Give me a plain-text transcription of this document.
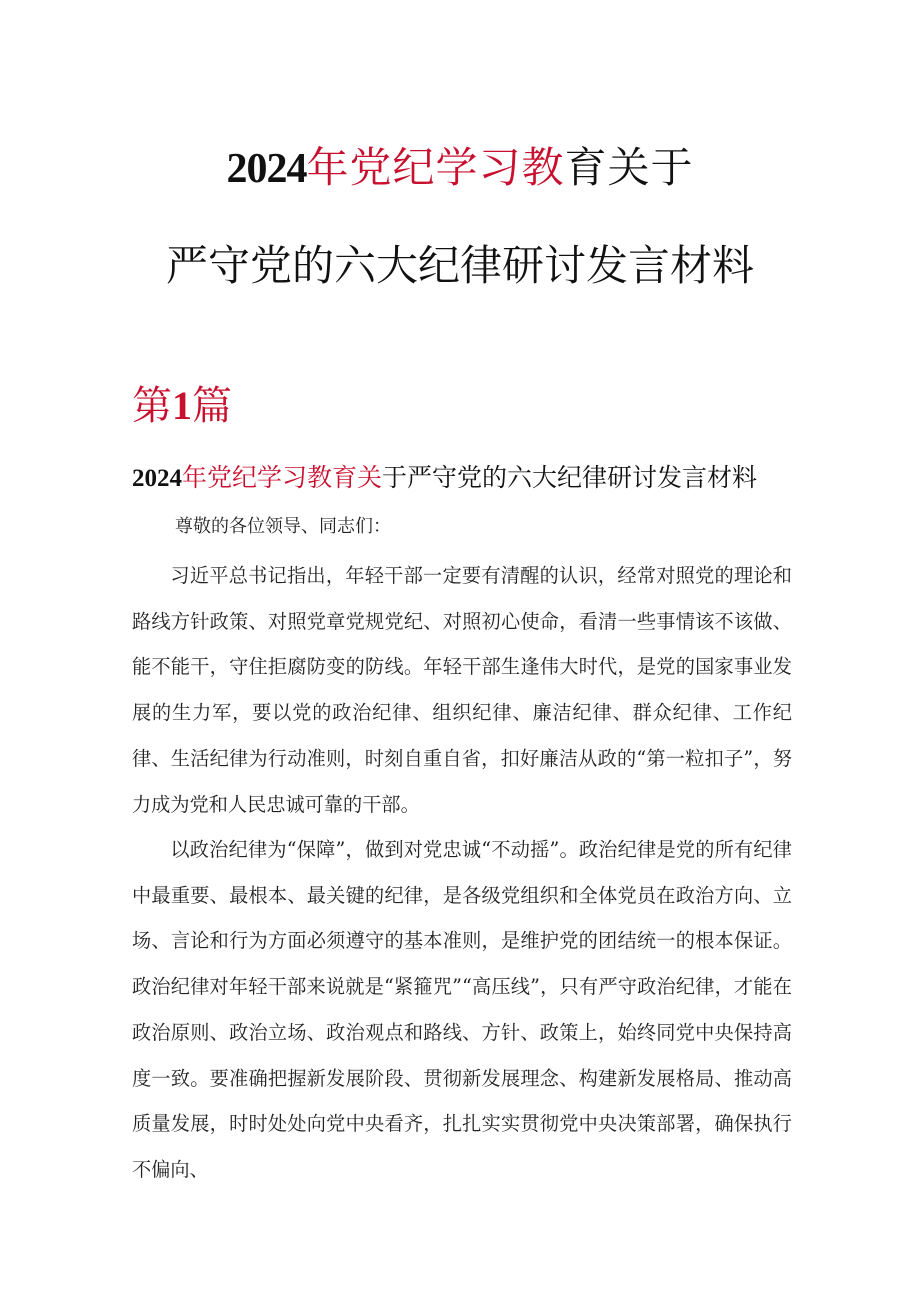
2024年党纪学习教育关于
严守党的六大纪律研讨发言材料
第1篇
2024年党纪学习教育关于严守党的六大纪律研讨发言材料
尊敬的各位领导、同志们：

习近平总书记指出，年轻干部一定要有清醒的认识，经常对照党的理论和路线方针政策、对照党章党规党纪、对照初心使命，看清一些事情该不该做、能不能干，守住拒腐防变的防线。年轻干部生逢伟大时代，是党的国家事业发展的生力军，要以党的政治纪律、组织纪律、廉洁纪律、群众纪律、工作纪律、生活纪律为行动准则，时刻自重自省，扣好廉洁从政的“第一粒扣子”，努力成为党和人民忠诚可靠的干部。

以政治纪律为“保障”，做到对党忠诚“不动摇”。政治纪律是党的所有纪律中最重要、最根本、最关键的纪律，是各级党组织和全体党员在政治方向、立场、言论和行为方面必须遵守的基本准则，是维护党的团结统一的根本保证。政治纪律对年轻干部来说就是“紧箍咒”“高压线”，只有严守政治纪律，才能在政治原则、政治立场、政治观点和路线、方针、政策上，始终同党中央保持高度一致。要准确把握新发展阶段、贯彻新发展理念、构建新发展格局、推动高质量发展，时时处处向党中央看齐，扎扎实实贯彻党中央决策部署，确保执行不偏向、
